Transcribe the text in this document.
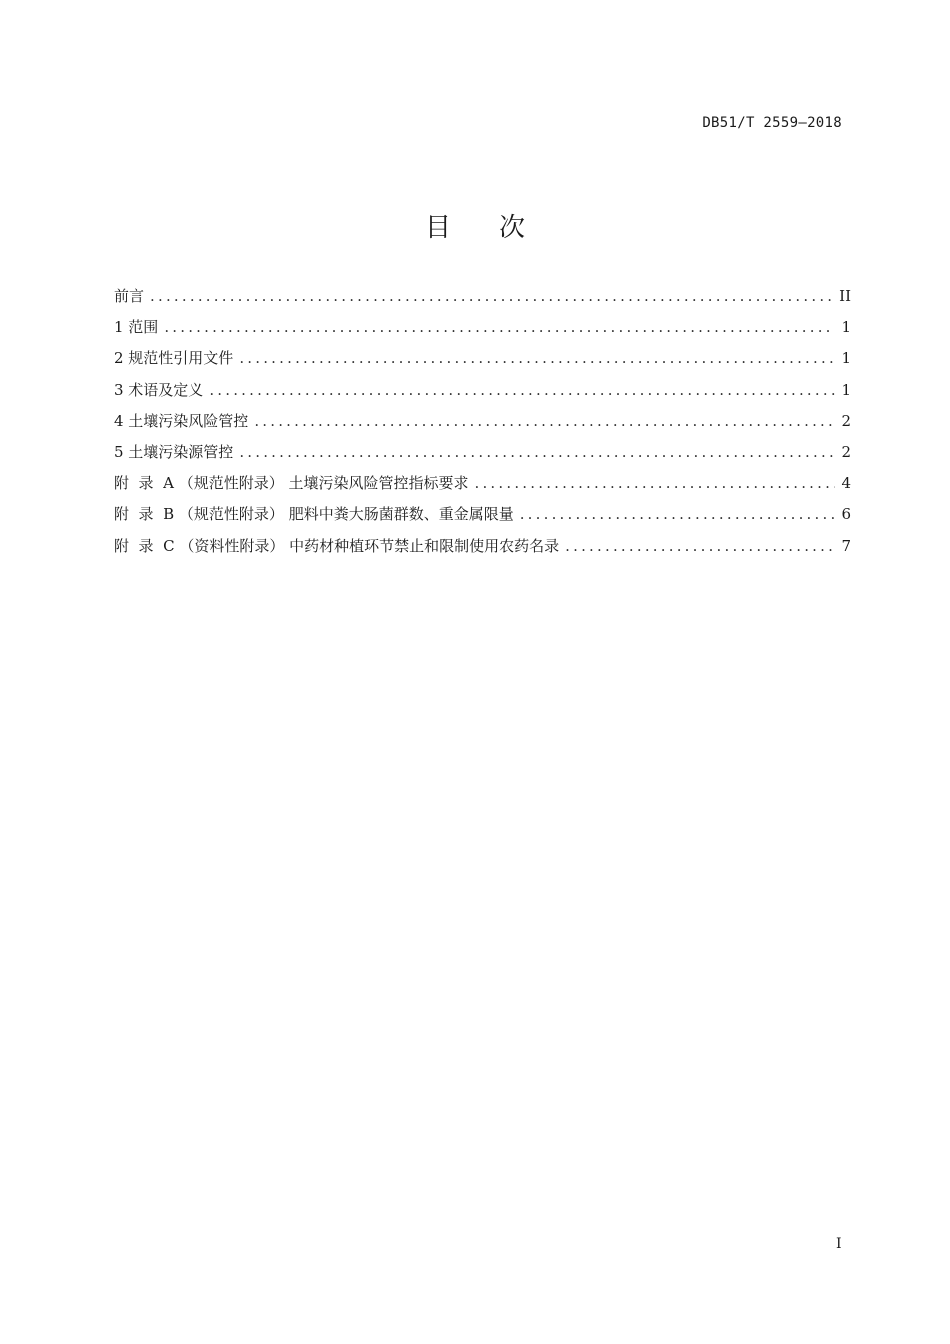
DB51/T 2559—2018
目 次
前言 .....	II
1 范围 .....	1
2 规范性引用文件 .....	1
3 术语及定义 .....	1
4 土壤污染风险管控 .....	2
5 土壤污染源管控 .....	2
附  录  A （规范性附录） 土壤污染风险管控指标要求 .....	4
附  录  B （规范性附录） 肥料中粪大肠菌群数、重金属限量 .....	6
附  录  C （资料性附录） 中药材种植环节禁止和限制使用农药名录 .....	7
I
